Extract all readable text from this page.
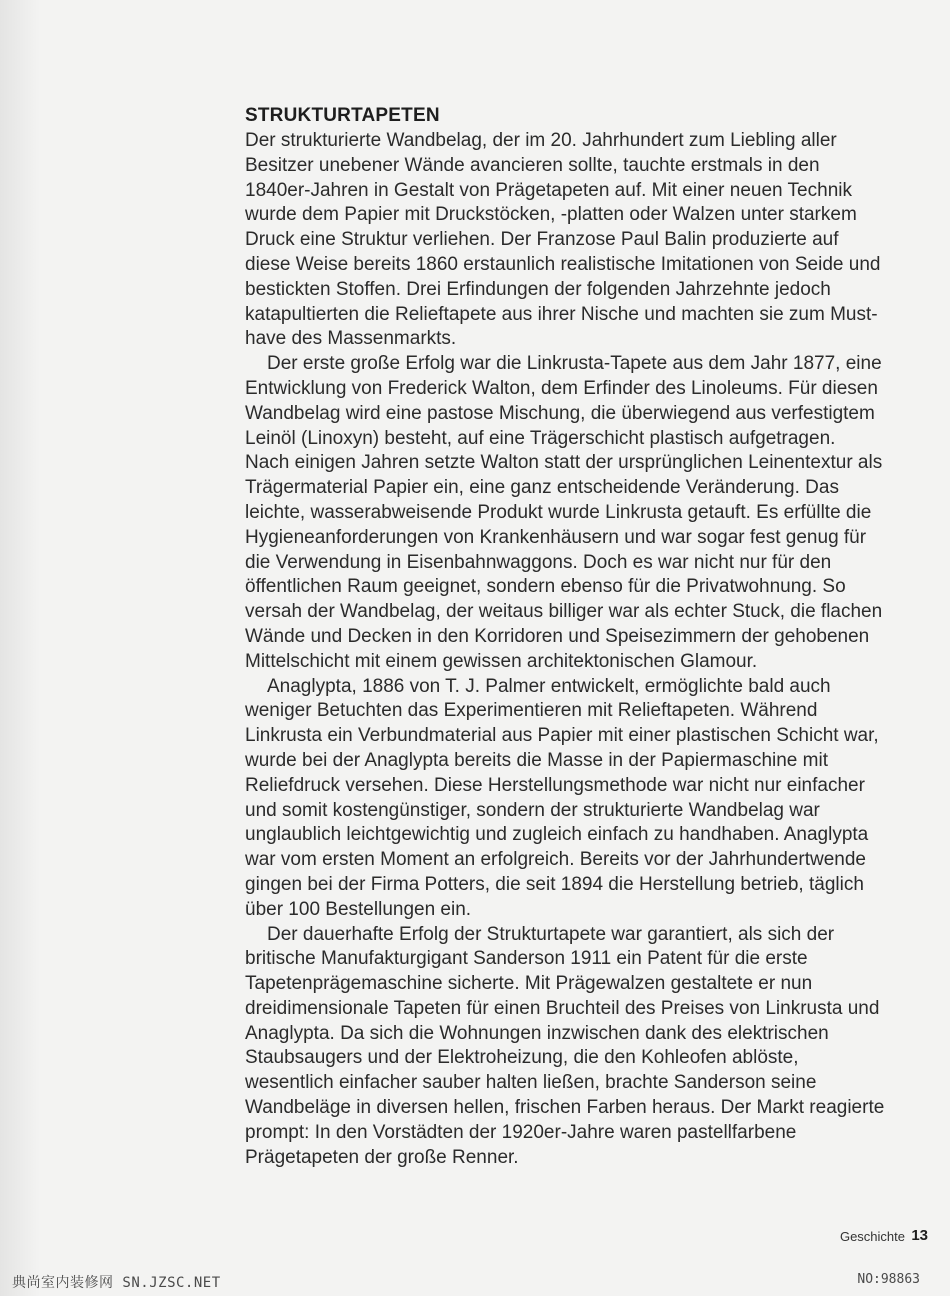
STRUKTURTAPETEN

Der strukturierte Wandbelag, der im 20. Jahrhundert zum Liebling aller Besitzer unebener Wände avancieren sollte, tauchte erstmals in den 1840er-Jahren in Gestalt von Prägetapeten auf. Mit einer neuen Technik wurde dem Papier mit Druckstöcken, -platten oder Walzen unter starkem Druck eine Struktur verliehen. Der Franzose Paul Balin produzierte auf diese Weise bereits 1860 erstaunlich realistische Imitationen von Seide und bestickten Stoffen. Drei Erfindungen der folgenden Jahrzehnte jedoch katapultierten die Relieftapete aus ihrer Nische und machten sie zum Must-have des Massenmarkts.

Der erste große Erfolg war die Linkrusta-Tapete aus dem Jahr 1877, eine Entwicklung von Frederick Walton, dem Erfinder des Linoleums. Für diesen Wandbelag wird eine pastose Mischung, die überwiegend aus verfestigtem Leinöl (Linoxyn) besteht, auf eine Trägerschicht plastisch aufgetragen. Nach einigen Jahren setzte Walton statt der ursprünglichen Leinentextur als Trägermaterial Papier ein, eine ganz entscheidende Veränderung. Das leichte, wasserabweisende Produkt wurde Linkrusta getauft. Es erfüllte die Hygieneanforderungen von Krankenhäusern und war sogar fest genug für die Verwendung in Eisenbahnwaggons. Doch es war nicht nur für den öffentlichen Raum geeignet, sondern ebenso für die Privatwohnung. So versah der Wandbelag, der weitaus billiger war als echter Stuck, die flachen Wände und Decken in den Korridoren und Speisezimmern der gehobenen Mittelschicht mit einem gewissen architektonischen Glamour.

Anaglypta, 1886 von T. J. Palmer entwickelt, ermöglichte bald auch weniger Betuchten das Experimentieren mit Relieftapeten. Während Linkrusta ein Verbundmaterial aus Papier mit einer plastischen Schicht war, wurde bei der Anaglypta bereits die Masse in der Papiermaschine mit Reliefdruck versehen. Diese Herstellungsmethode war nicht nur einfacher und somit kostengünstiger, sondern der strukturierte Wandbelag war unglaublich leichtgewichtig und zugleich einfach zu handhaben. Anaglypta war vom ersten Moment an erfolgreich. Bereits vor der Jahrhundertwende gingen bei der Firma Potters, die seit 1894 die Herstellung betrieb, täglich über 100 Bestellungen ein.

Der dauerhafte Erfolg der Strukturtapete war garantiert, als sich der britische Manufakturgigant Sanderson 1911 ein Patent für die erste Tapetenprägemaschine sicherte. Mit Prägewalzen gestaltete er nun dreidimensionale Tapeten für einen Bruchteil des Preises von Linkrusta und Anaglypta. Da sich die Wohnungen inzwischen dank des elektrischen Staubsaugers und der Elektroheizung, die den Kohleofen ablöste, wesentlich einfacher sauber halten ließen, brachte Sanderson seine Wandbeläge in diversen hellen, frischen Farben heraus. Der Markt reagierte prompt: In den Vorstädten der 1920er-Jahre waren pastellfarbene Prägetapeten der große Renner.

Geschichte 13
典尚室内装修网 SN.JZSC.NET	NO:98863
